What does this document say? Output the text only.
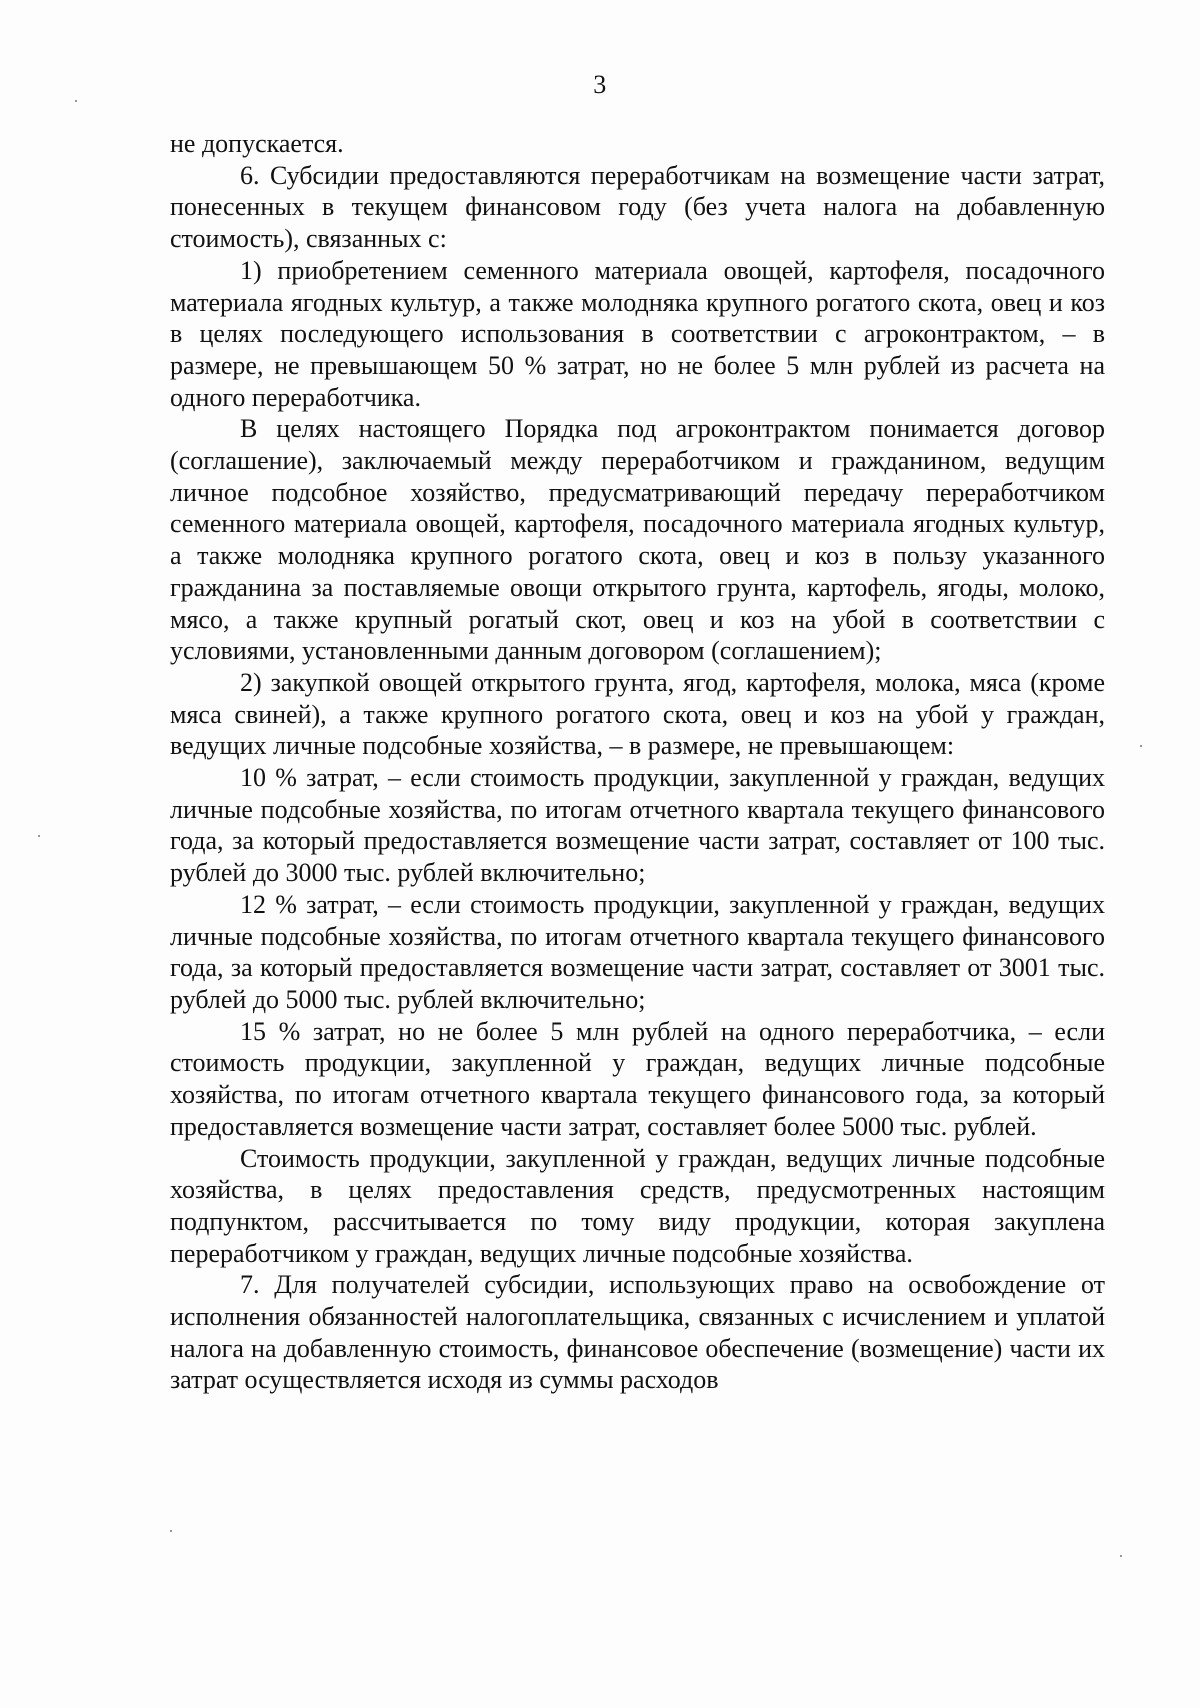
3

не допускается.

6. Субсидии предоставляются переработчикам на возмещение части затрат, понесенных в текущем финансовом году (без учета налога на добавленную стоимость), связанных с:

1) приобретением семенного материала овощей, картофеля, посадочного материала ягодных культур, а также молодняка крупного рогатого скота, овец и коз в целях последующего использования в соответствии с агроконтрактом, – в размере, не превышающем 50 % затрат, но не более 5 млн рублей из расчета на одного переработчика.

В целях настоящего Порядка под агроконтрактом понимается договор (соглашение), заключаемый между переработчиком и гражданином, ведущим личное подсобное хозяйство, предусматривающий передачу переработчиком семенного материала овощей, картофеля, посадочного материала ягодных культур, а также молодняка крупного рогатого скота, овец и коз в пользу указанного гражданина за поставляемые овощи открытого грунта, картофель, ягоды, молоко, мясо, а также крупный рогатый скот, овец и коз на убой в соответствии с условиями, установленными данным договором (соглашением);

2) закупкой овощей открытого грунта, ягод, картофеля, молока, мяса (кроме мяса свиней), а также крупного рогатого скота, овец и коз на убой у граждан, ведущих личные подсобные хозяйства, – в размере, не превышающем:

10 % затрат, – если стоимость продукции, закупленной у граждан, ведущих личные подсобные хозяйства, по итогам отчетного квартала текущего финансового года, за который предоставляется возмещение части затрат, составляет от 100 тыс. рублей до 3000 тыс. рублей включительно;

12 % затрат, – если стоимость продукции, закупленной у граждан, ведущих личные подсобные хозяйства, по итогам отчетного квартала текущего финансового года, за который предоставляется возмещение части затрат, составляет от 3001 тыс. рублей до 5000 тыс. рублей включительно;

15 % затрат, но не более 5 млн рублей на одного переработчика, – если стоимость продукции, закупленной у граждан, ведущих личные подсобные хозяйства, по итогам отчетного квартала текущего финансового года, за который предоставляется возмещение части затрат, составляет более 5000 тыс. рублей.

Стоимость продукции, закупленной у граждан, ведущих личные подсобные хозяйства, в целях предоставления средств, предусмотренных настоящим подпунктом, рассчитывается по тому виду продукции, которая закуплена переработчиком у граждан, ведущих личные подсобные хозяйства.

7. Для получателей субсидии, использующих право на освобождение от исполнения обязанностей налогоплательщика, связанных с исчислением и уплатой налога на добавленную стоимость, финансовое обеспечение (возмещение) части их затрат осуществляется исходя из суммы расходов
